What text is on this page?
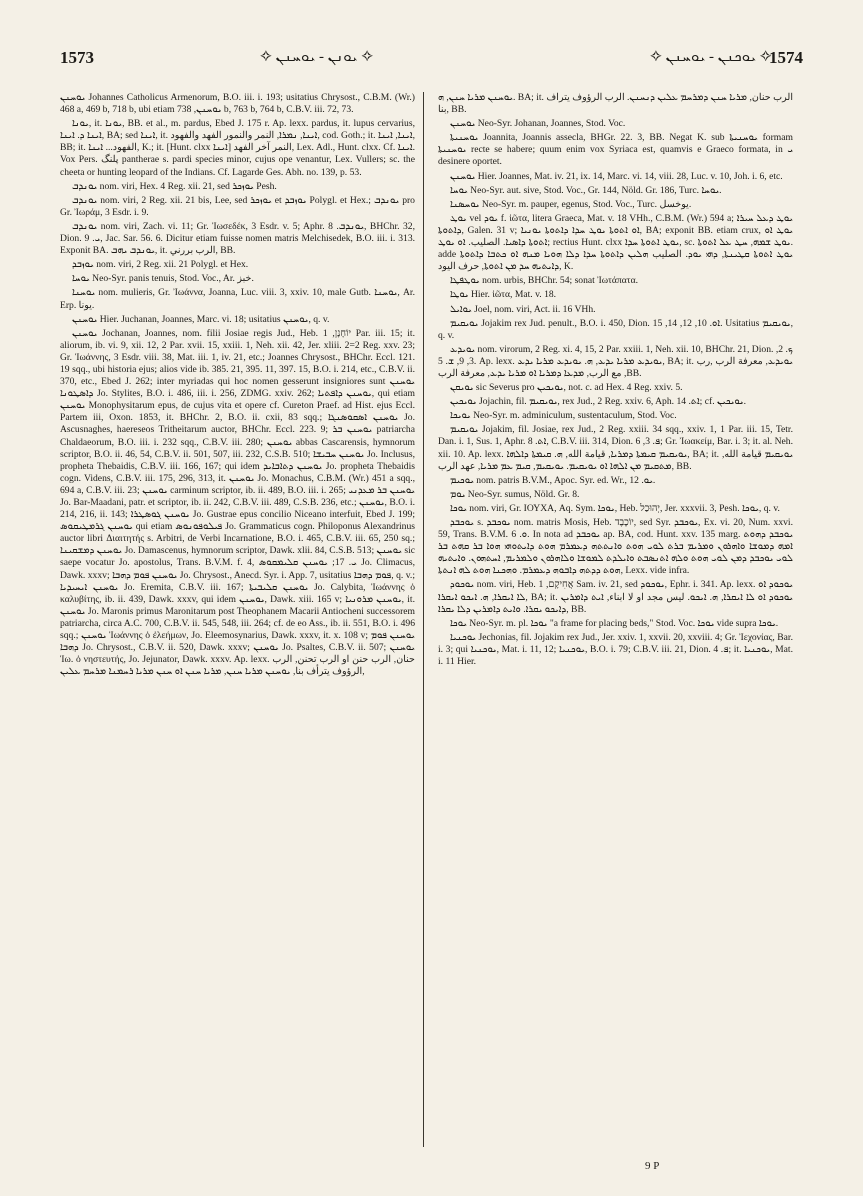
1573	✧ ܝܘܢܢ - ܝܘܚܢܢ ✧	✧ ܝܘܟܢܢ - ܝܘܚܢܢ ✧
1574

ܝܘܚܢܢ Johannes Catholicus Armenorum, B.O. iii. i. 193; usitatius Chrysost., C.B.M. (Wr.) 468 a, 469 b, 718 b, ubi etiam ܝܘܚܢܢ, 738 b, 763 b, 764 b, C.B.V. iii. 72, 73.

ܝܘܢܐ, it. ܝܘܢܐ, BB. et al., m. pardus, Ebed J. 175 r. Ap. lexx. pardus, it. lupus cervarius, ܐܝܢܐ ܕ. ܐܝܢܐ, BA; sed ܐܝܢܐ, it. ܐܝܢܐ, ܢܡܪܐ, النمر والنمور الفهد والفهود, cod. Goth.; it. ܐܝܢܐ, ܐܝܢܐ, BB; it. الفهود... ܐܝܢܐ, K.; it. [Hunt. clxx ܐܝܢܐ] النمر آخر الفهد, Lex. Adl., Hunt. clxx. Cf. ܐܝܢܐ. Vox Pers. پلنگ pantherae s. pardi species minor, cujus ope venantur, Lex. Vullers; sc. the cheeta or hunting leopard of the Indians. Cf. Lagarde Ges. Abh. no. 139, p. 53.

ܝܘܢܕܒ nom. viri, Hex. 4 Reg. xii. 21, sed ܝܘܙܟܪ Pesh.

ܝܘܢܕܒ nom. viri, 2 Reg. xii. 21 bis, Lee, sed ܝܘܙܟܪ et ܝܘܙܒܕ Polygl. et Hex.; ܝܘܢܕܒ pro Gr. Ἰωράμ, 3 Esdr. i. 9.

ܝܘܢܕܒ nom. viri, Zach. vi. 11; Gr. Ἰωσεδέκ, 3 Esdr. v. 5; Aphr. ܝܘܢܕܒ. 8, BHChr. 32, Dion. ܝ. 9, Jac. Sar. 56. 6. Dicitur etiam fuisse nomen matris Melchisedek, B.O. iii. i. 313. Exponit BA. ܝܘܢܕܒ ܝܗܒ, it. الرب بررني, BB.

ܝܘܙܒܕ nom. viri, 2 Reg. xii. 21 Polygl. et Hex.

ܝܘܚܐ Neo-Syr. panis tenuis, Stod. Voc., Ar. خبز.

ܝܘܚܢܐ nom. mulieris, Gr. Ἰωάννα, Joanna, Luc. viii. 3, xxiv. 10, male Gutb. ܝܘܚܢܐ, Ar. Erp. يونا.

ܝܘܚܢܢ Hier. Juchanan, Joannes, Marc. vi. 18; usitatius ܝܘܚܢܢ, q. v.

ܝܘܚܢܢ Jochanan, Joannes, nom. filii Josiae regis Jud., Heb. יוֹחָנָן, 1 Par. iii. 15; it. aliorum, ib. vi. 9, xii. 12, 2 Par. xvii. 15, xxiii. 1, Neh. xii. 42, Jer. xliii. 2=2 Reg. xxv. 23; Gr. Ἰωάννης, 3 Esdr. viii. 38, Mat. iii. 1, iv. 21, etc.; Joannes Chrysost., BHChr. Eccl. 121. 19 sqq., ubi historia ejus; alios vide ib. 385. 21, 395. 11, 397. 15, B.O. i. 214, etc., C.B.V. ii. 370, etc., Ebed J. 262; inter myriadas qui hoc nomen gesserunt insigniores sunt ܝܘܚܢܢ ܕܐܣܛܘܢܐ Jo. Stylites, B.O. i. 486, iii. i. 256, ZDMG. xxiv. 262; ܝܘܚܢܢ ܕܐܦܬܝܐ, qui etiam ܝܘܚܢܢ Monophysitarum epus, de cujus vita et opere cf. Cureton Praef. ad Hist. ejus Eccl. Partem iii, Oxon. 1853, it. BHChr. 2, B.O. ii. cxii, 83 sqq.; ܝܘܚܢܢ ܐܣܩܘܣܢܓܐ Jo. Ascusnaghes, haereseos Tritheitarum auctor, BHChr. Eccl. 223. 9; ܝܘܚܢܢ ܒܪ patriarcha Chaldaeorum, B.O. iii. i. 232 sqq., C.B.V. iii. 280; ܝܘܚܢܢ abbas Cascarensis, hymnorum scriptor, B.O. ii. 46, 54, C.B.V. ii. 501, 507, iii. 232, C.S.B. 510; ܝܘܚܢܢ ܚܒܝܫܐ Jo. Inclusus, propheta Thebaidis, C.B.V. iii. 166, 167; qui idem ܝܘܚܢܢ ܕܬܐܒܐܝܕ Jo. propheta Thebaidis cogn. Videns, C.B.V. iii. 175, 296, 313, it. ܝܘܚܢܢ Jo. Monachus, C.B.M. (Wr.) 451 a sqq., 694 a, C.B.V. iii. 23; ܝܘܚܢܢ carminum scriptor, ib. ii. 489, B.O. iii. i. 265; ܝܘܚܢܢ ܒܪ ܡܥܕܢܝ Jo. Bar-Maadani, patr. et scriptor, ib. ii. 242, C.B.V. iii. 489, C.S.B. 236, etc.; ܝܘܚܢܢ, B.O. i. 214, 216, ii. 143; ܝܘܚܢܢ ܓܘܣܛܪܐ Jo. Gustrae epus concilio Niceano interfuit, Ebed J. 199; ܝܘܚܢܢ ܓܪܡܛܝܩܘܣ qui etiam ܦܝܠܘܦܘܢܘܣ Jo. Grammaticus cogn. Philoponus Alexandrinus auctor libri Διαιτητής s. Arbitri, de Verbi Incarnatione, B.O. i. 465, C.B.V. iii. 65, 250 sq.; ܝܘܚܢܢ ܕܡܫܩܝܢܐ Jo. Damascenus, hymnorum scriptor, Dawk. xlii. 84, C.S.B. 513; ܝܘܚܢܢ sic saepe vocatur Jo. apostolus, Trans. B.V.M. f. 4, ܝ. 17; ܝܘܚܢܢ ܩܠܝܡܩܘܣ Jo. Climacus, Dawk. xxxv; ܝܘܚܢܢ ܦܘܡ ܕܗܒܐ Jo. Chrysost., Anecd. Syr. i. App. 7, usitatius ܦܘܡ ܕܗܒܐ, q. v.; ܝܘܚܢܢ ܐܝܚܝܕܝܐ Jo. Eremita, C.B.V. iii. 167; ܝܘܚܢܢ ܩܠܝܒܝܬܐ Jo. Calybita, Ἰωάννης ὁ καλυβίτης, ib. ii. 439, Dawk. xxxv, qui idem ܝܘܚܢܢ, Dawk. xiii. 165 v; ܝܘܚܢܢ ܡܪܘܢܝܐ, it. ܝܘܚܢܢ Jo. Maronis primus Maronitarum post Theophanem Macarii Antiocheni successorem patriarcha, circa A.C. 700, C.B.V. ii. 545, 548, iii. 264; cf. de eo Ass., ib. ii. 551, B.O. i. 496 sqq.; ܝܘܚܢܢ Ἰωάννης ὁ ἐλεήμων, Jo. Eleemosynarius, Dawk. xxxv, it. x. 108 v; ܝܘܚܢܢ ܦܘܡ ܕܗܒܐ Jo. Chrysost., C.B.V. ii. 520, Dawk. xxxv; ܝܘܚܢܢ Jo. Psaltes, C.B.V. ii. 507; ܝܘܚܢܢ Ἰω. ὁ νηστευτής, Jo. Jejunator, Dawk. xxxv. Ap. lexx. حنان, الرب حنن او الرب تحنن, الرب الرؤوف يترأف بنا, ܝܘܚܢܢ ܡܪܝܐ ܚܢܢ, ܡܪܝܐ ܚܢܢ ܐܘ ܚܢܢ ܡܪܝܐ ܪܚܡܢܐ ܡܪܚܡ ܥܠܝܢ,

ܝܘܚܢܢ ܡܪܝܐ ܚܢܢ, ܗ. BA; it. الرب حنان, ܡܪܝܐ ܚܢܢ ܕܡܪܚܡ ܥܠܝܢ ܕܢܚܢܢ. الرب الرؤوف يتراف بنا, BB.

ܝܘܚܢܢ Neo-Syr. Johanan, Joannes, Stod. Voc.

ܝܘܚܢܝܬܐ Joannita, Joannis assecla, BHGr. 22. 3, BB. Negat K. sub ܝܘܚܢܝܬܐ formam ܝܘܚܢܝܬܐ recte se habere; quum enim vox Syriaca est, quamvis e Graeco formata, in ܝ desinere oportet.

ܝܘܚܢܢ Hier. Joannes, Mat. iv. 21, ix. 14, Marc. vi. 14, viii. 28, Luc. v. 10, Joh. i. 6, etc.

ܝܘܚܐ Neo-Syr. aut. sive, Stod. Voc., Gr. 144, Nöld. Gr. 186, Turc. ܝܘܚܐ.

ܝܘܚܣܢܐ Neo-Syr. m. pauper, egenus, Stod. Voc., Turc. يوخسل.

ܝܘܛ vel ܝܘܕ f. ἰῶτα, litera Graeca, Mat. v. 18 VHh., C.B.M. (Wr.) 594 a; ܝܘܛ ܕܥܠ ܚܝܪܐ ܕܐܬܘܬܐ, Galen. 31 v; ܐܘ ܐܬܘܬܐ ܝܘܛ ܚܕܐ ܕܐܬܘܬܐ ܝܘܢܝܐ, BA; exponit BB. etiam crux, ܝܘܛ ܐܘ ܐܬܘܬܐ ܕܐܣܝܐ. الصليب. ܐܘ ܝܘܛ; rectius Hunt. clxx ܝܘܛ ܐܬܘܬܐ ܚܕܐ, sc. ܝܘܛ ܫܡܗ, ܚܛ ܥܠ ܐܬܘܬܐ. adde ܝܘܛ ܐܬܘܬܐ ܩܛܝܢܬܐ, ܕܗܝ ܝܘܕ. الصليب ܗܠܝܢ ܕܐܬܘܬܐ ܚܕܐ ܕܠܐ ܗܘܝܐ ܡܢܗ ܐܘ ܟܬܒܐ ܕܐܬܘܬܐ ܕܐܝܬܝܗ ܚܕ ܡܢ ܐܬܘܬܐ, حرف اليود, K.

ܝܘܛܦܛܐ nom. urbis, BHChr. 54; sonat Ἰωτάπατα.

ܝܘܛܐ Hier. ἰῶτα, Mat. v. 18.

ܝܘܐܝܠ Joel, nom. viri, Act. ii. 16 VHh.

ܝܘܝܩܝܡ Jojakim rex Jud. penult., B.O. i. 450, Dion. ܐܘ. 10, 12, 14, 15. Usitatius ܝܘܝܩܝܡ, q. v.

ܝܘܝܕܥ nom. virorum, 2 Reg. xi. 4, 15, 2 Par. xxiii. 1, Neh. xii. 10, BHChr. 21, Dion. ܟ. 2, 3, 9, ܫ. 5. Ap. lexx. ܝܘܝܕܥ ܡܪܝܐ ܝܕܥ, ܗ. ܝܘܝܕܥ ܡܪܝܐ ܝܕܥ, BA; it. ܝܘܝܕܥ, معرفة الرب ,رب مع الرب, ܡܕܥܐ ܕܡܪܝܐ ܐܘ ܡܪܝܐ ܝܕܥ, معرفة الرب ,BB.

ܝܘܝܩܢ sic Severus pro ܝܘܝܟܝܢ, not. c. ad Hex. 4 Reg. xxiv. 5.

ܝܘܝܟܝܢ Jojachin, fil. ܝܘܝܩܝܡ, rex Jud., 2 Reg. xxiv. 6, Aph. ܐܬ. 14; cf. ܝܘܝܟܝܢ.

ܝܘܝܟܐ Neo-Syr. m. adminiculum, sustentaculum, Stod. Voc.

ܝܘܝܩܝܡ Jojakim, fil. Josiae, rex Jud., 2 Reg. xxiii. 34 sqq., xxiv. 1, 1 Par. iii. 15, Tetr. Dan. i. 1, Sus. 1, Aphr. ܐܬ. 8, C.B.V. iii. 314, Dion. ܦ. 3, 6; Gr. Ἰωακείμ, Bar. i. 3; it. al. Neh. xii. 10. Ap. lexx. ܝܘܝܩܝܡ ܩܝܡܬܐ ܕܡܪܝܐ, قيامة الله, ܗ. ܩܝܡܬܐ ܕܐܠܗܐ, BA; it. ܝܘܝܩܝܡ قيامة الله, ܡܬܩܝܡ ܡܢ ܐܠܗܐ ܐܘ ܝܘܝܩܝܡ. ܝܘܝܩܝܡ, ܩܝܡ ܥܡ ܡܪܝܐ, عهد الرب, BB.

ܝܘܟܝܡ nom. patris B.V.M., Apoc. Syr. ed. Wr., ܝܘ. 12.

ܝܘܡ Neo-Syr. sumus, Nöld. Gr. 8.

ܝܘܟܐ nom. viri, Gr. ΙΟΥΧΑ, Aq. Sym. ܝܘܟܐ, Heb. יְהוּכַל, Jer. xxxvii. 3, Pesh. ܝܘܟܐ, q. v.

ܝܘܟܒܕ s. ܝܘܟܒܕ nom. matris Mosis, Heb. יוֹכֶבֶד, sed Syr. ܝܘܟܒܕ, Ex. vi. 20, Num. xxvi. 59, Trans. B.V.M. ܘ. 6. In nota ad ܝܘܟܒܕ ap. BA, cod. Hunt. xxv. 135 marg. ܝܘܟܒܕ ܕܗܘܬ ܐܡܗ ܕܡܘܫܐ ܘܐܗܪܘܢ ܘܡܪܝܡ ܒܪܬ ܠܘܝ ܗܘܬ ܘܐܢܬܬܗ ܕܥܡܪܡ ܗܘܬ ܕܐܝܬܘܗܝ ܗܘܐ ܒܪ ܩܗܬ ܒܪ ܠܘܝ ܝܘܟܒܕ ܕܡܢ ܠܘܝ ܗܘܬ ܘܠܗ ܐܬܢܣܒܬ ܘܐܝܠܕܬ ܠܡܘܫܐ ܘܠܐܗܪܘܢ ܘܠܡܪܝܡ, ܐܚܬܗܘܢ. ܘܐܝܬܝܗ ܗܘܬ ܕܕܬܗ ܕܐܒܘܗ ܕܥܡܪܡ. ܘܗܟܢܐ ܗܘܬ ܠܗ ܐܢܬܬܐ, Lexx. vide infra.

ܝܘܟܘܕ nom. viri, Heb. אֲחִיקָם, 1 Sam. iv. 21, sed ܝܘܟܘܕ, Ephr. i. 341. Ap. lexx. ܝܘܟܘܕ ܐܘ ܠܐ ܐܝܩܪܐ, ܗ. ܐܝܟܘ ܐܝܩܪܐ, BA; it. ܝܘܟܘܕ ܐܘ ܠܐ ܐܝܩܪܐ, ܗ. ܐܝܟܘ. ليس مجد او لا ابناء, ܐܝܬ ܕܐܡܪܝܢ ܕܐܝܟܘ ܝܩܪܐ. ܘܐܝܬ ܕܐܡܪܝܢ ܕܠܐ ܝܩܪܐ, BB.

ܝܘܟܐ Neo-Syr. m. pl. ܝܘܟܐ "a frame for placing beds," Stod. Voc. ܝܘܟܐ vide supra ܝܘܟܐ.

ܝܘܟܢܝܐ Jechonias, fil. Jojakim rex Jud., Jer. xxiv. 1, xxvii. 20, xxviii. 4; Gr. Ἰεχονίας, Bar. i. 3; qui ܝܘܟܢܝܐ, Mat. i. 11, 12; ܝܘܟܢܝܐ, B.O. i. 79; C.B.V. iii. 21, Dion. ܦ. 4; it. ܝܘܟܢܝܐ, Mat. i. 11 Hier.

9 P
